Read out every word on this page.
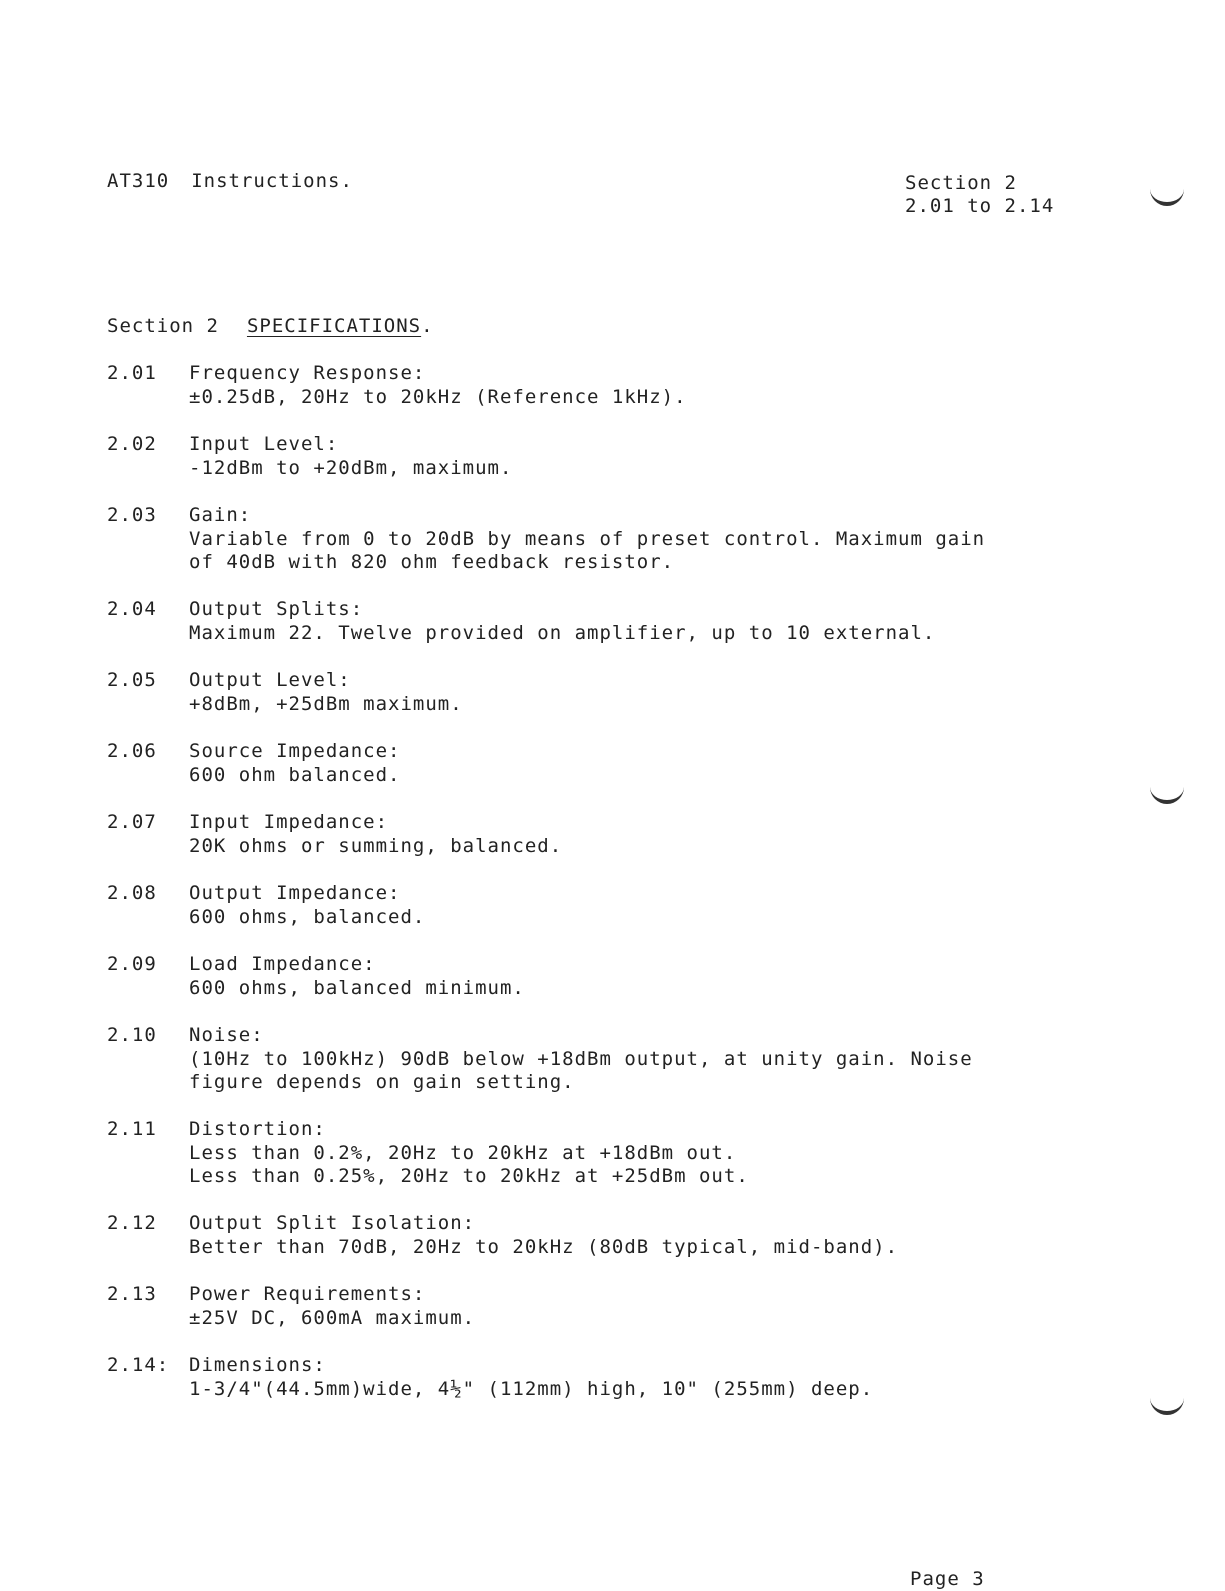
AT310 Instructions.	Section 2
2.01 to 2.14
Section 2 SPECIFICATIONS.
2.01 Frequency Response:
±0.25dB, 20Hz to 20kHz (Reference 1kHz).
2.02 Input Level:
-12dBm to +20dBm, maximum.
2.03 Gain:
Variable from 0 to 20dB by means of preset control. Maximum gain
of 40dB with 820 ohm feedback resistor.
2.04 Output Splits:
Maximum 22. Twelve provided on amplifier, up to 10 external.
2.05 Output Level:
+8dBm, +25dBm maximum.
2.06 Source Impedance:
600 ohm balanced.
2.07 Input Impedance:
20K ohms or summing, balanced.
2.08 Output Impedance:
600 ohms, balanced.
2.09 Load Impedance:
600 ohms, balanced minimum.
2.10 Noise:
(10Hz to 100kHz) 90dB below +18dBm output, at unity gain. Noise
figure depends on gain setting.
2.11 Distortion:
Less than 0.2%, 20Hz to 20kHz at +18dBm out.
Less than 0.25%, 20Hz to 20kHz at +25dBm out.
2.12 Output Split Isolation:
Better than 70dB, 20Hz to 20kHz (80dB typical, mid-band).
2.13 Power Requirements:
±25V DC, 600mA maximum.
2.14: Dimensions:
1-3/4"(44.5mm)wide, 4½" (112mm) high, 10" (255mm) deep.
Page 3
